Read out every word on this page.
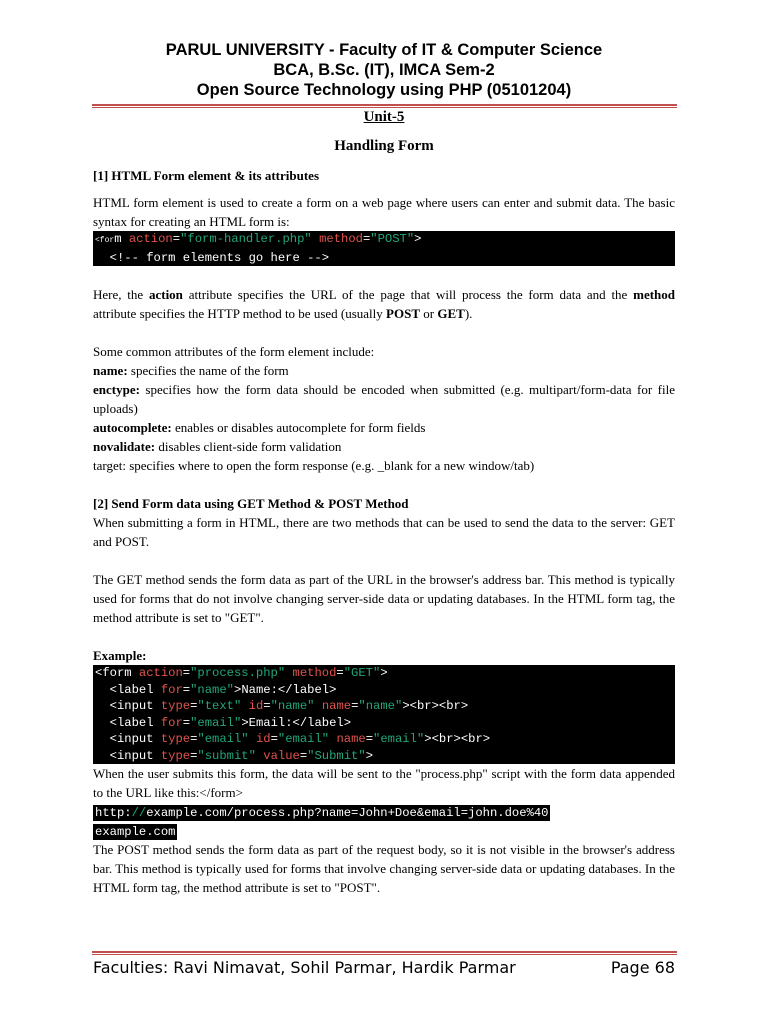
PARUL UNIVERSITY - Faculty of IT & Computer Science
BCA, B.Sc. (IT), IMCA Sem-2
Open Source Technology using PHP (05101204)
Unit-5
Handling Form

[1] HTML Form element & its attributes

HTML form element is used to create a form on a web page where users can enter and submit data. The basic syntax for creating an HTML form is:

<form action="form-handler.php" method="POST">
<!-- form elements go here -->

Here, the action attribute specifies the URL of the page that will process the form data and the method attribute specifies the HTTP method to be used (usually POST or GET).

Some common attributes of the form element include:

name: specifies the name of the form

enctype: specifies how the form data should be encoded when submitted (e.g. multipart/form-data for file uploads)

autocomplete: enables or disables autocomplete for form fields

novalidate: disables client-side form validation

target: specifies where to open the form response (e.g. _blank for a new window/tab)

[2] Send Form data using GET Method & POST Method

When submitting a form in HTML, there are two methods that can be used to send the data to the server: GET and POST.

The GET method sends the form data as part of the URL in the browser's address bar. This method is typically used for forms that do not involve changing server-side data or updating databases. In the HTML form tag, the method attribute is set to "GET".

Example:

<form action="process.php" method="GET">
<label for="name">Name:</label>
<input type="text" id="name" name="name"><br><br>
<label for="email">Email:</label>
<input type="email" id="email" name="email"><br><br>
<input type="submit" value="Submit">

When the user submits this form, the data will be sent to the "process.php" script with the form data appended to the URL like this:</form>

http://example.com/process.php?name=John+Doe&email=john.doe%40
example.com

The POST method sends the form data as part of the request body, so it is not visible in the browser's address bar. This method is typically used for forms that involve changing server-side data or updating databases. In the HTML form tag, the method attribute is set to "POST".

Faculties: Ravi Nimavat, Sohil Parmar, Hardik Parmar	Page 68
